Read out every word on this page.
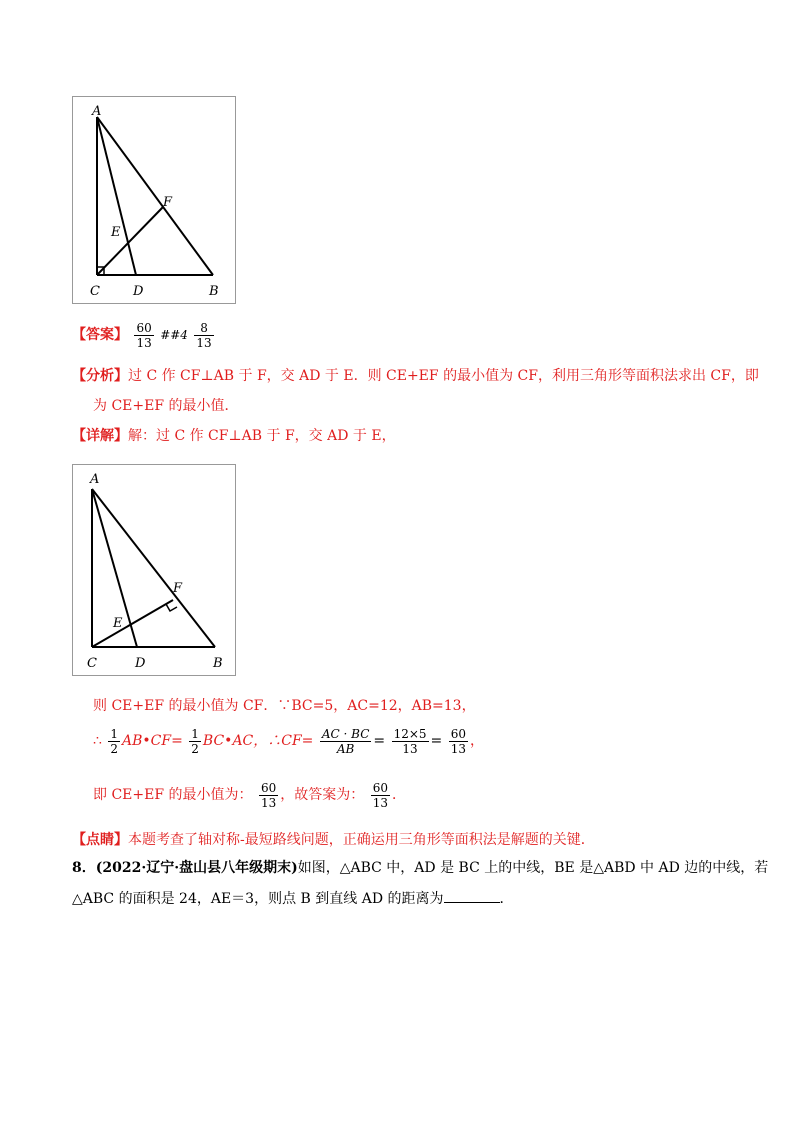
A
C	D	B
E
F
【答案】 $\frac{60}{13}$ ##4 $\frac{8}{13}$
【分析】过 C 作 CF⊥AB 于 F，交 AD 于 E．则 CE+EF 的最小值为 CF，利用三角形等面积法求出 CF，即
为 CE+EF 的最小值．
【详解】解：过 C 作 CF⊥AB 于 F，交 AD 于 E，
A
C	D	B
E
F
则 CE+EF 的最小值为 CF．∵BC=5，AC=12，AB=13，
∴ $\frac{1}{2}$ AB•CF= $\frac{1}{2}$ BC•AC，∴CF= $\frac{AC \cdot BC}{AB} = \frac{12\times 5}{13} = \frac{60}{13}$ ，
即 CE+EF 的最小值为： $\frac{60}{13}$ ，故答案为： $\frac{60}{13}$ ．
【点睛】本题考查了轴对称-最短路线问题，正确运用三角形等面积法是解题的关键．
8．(2022·辽宁·盘山县八年级期末)如图，△ABC 中，AD 是 BC 上的中线，BE 是△ABD 中 AD 边的中线，若
△ABC 的面积是 24，AE＝3，则点 B 到直线 AD 的距离为	．
